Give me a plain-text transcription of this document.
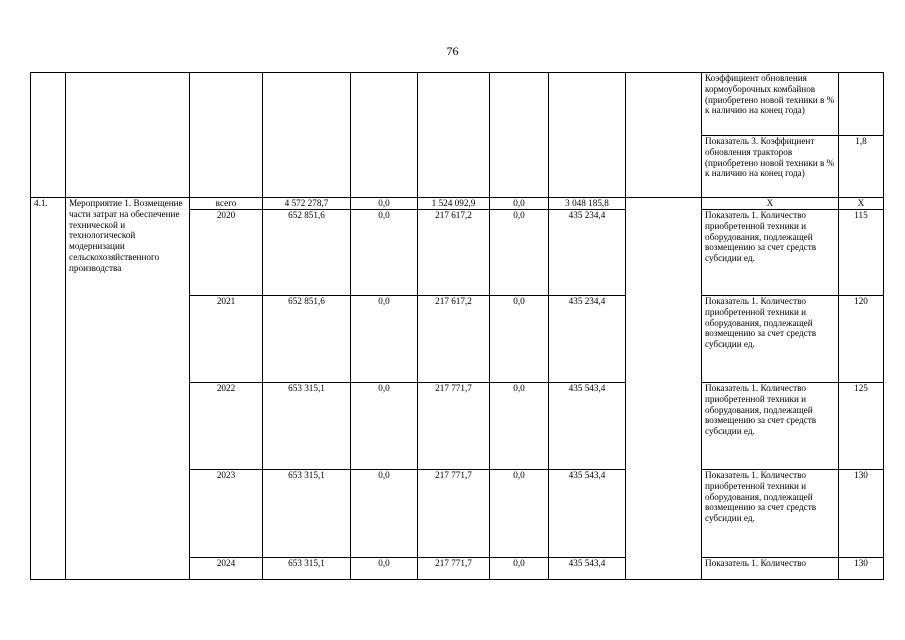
76
									Коэффициент обновления кормоуборочных комбайнов (приобретено новой техники в % к наличию на конец года)	
									Показатель 3. Коэффициент обновления тракторов (приобретено новой техники в % к наличию на конец года)	1,8
4.1.	Мероприятие 1. Возмещение части затрат на обеспечение технической и технологической модернизации сельскохозяйственного производства	всего	4 572 278,7	0,0	1 524 092,9	0,0	3 048 185,8		X	X
		2020	652 851,6	0,0	217 617,2	0,0	435 234,4		Показатель 1. Количество приобретенной техники и оборудования, подлежащей возмещению за счет средств субсидии ед.	115
		2021	652 851,6	0,0	217 617,2	0,0	435 234,4		Показатель 1. Количество приобретенной техники и оборудования, подлежащей возмещению за счет средств субсидии ед.	120
		2022	653 315,1	0,0	217 771,7	0,0	435 543,4		Показатель 1. Количество приобретенной техники и оборудования, подлежащей возмещению за счет средств субсидии ед.	125
		2023	653 315,1	0,0	217 771,7	0,0	435 543,4		Показатель 1. Количество приобретенной техники и оборудования, подлежащей возмещению за счет средств субсидии ед.	130
		2024	653 315,1	0,0	217 771,7	0,0	435 543,4		Показатель 1. Количество	130
